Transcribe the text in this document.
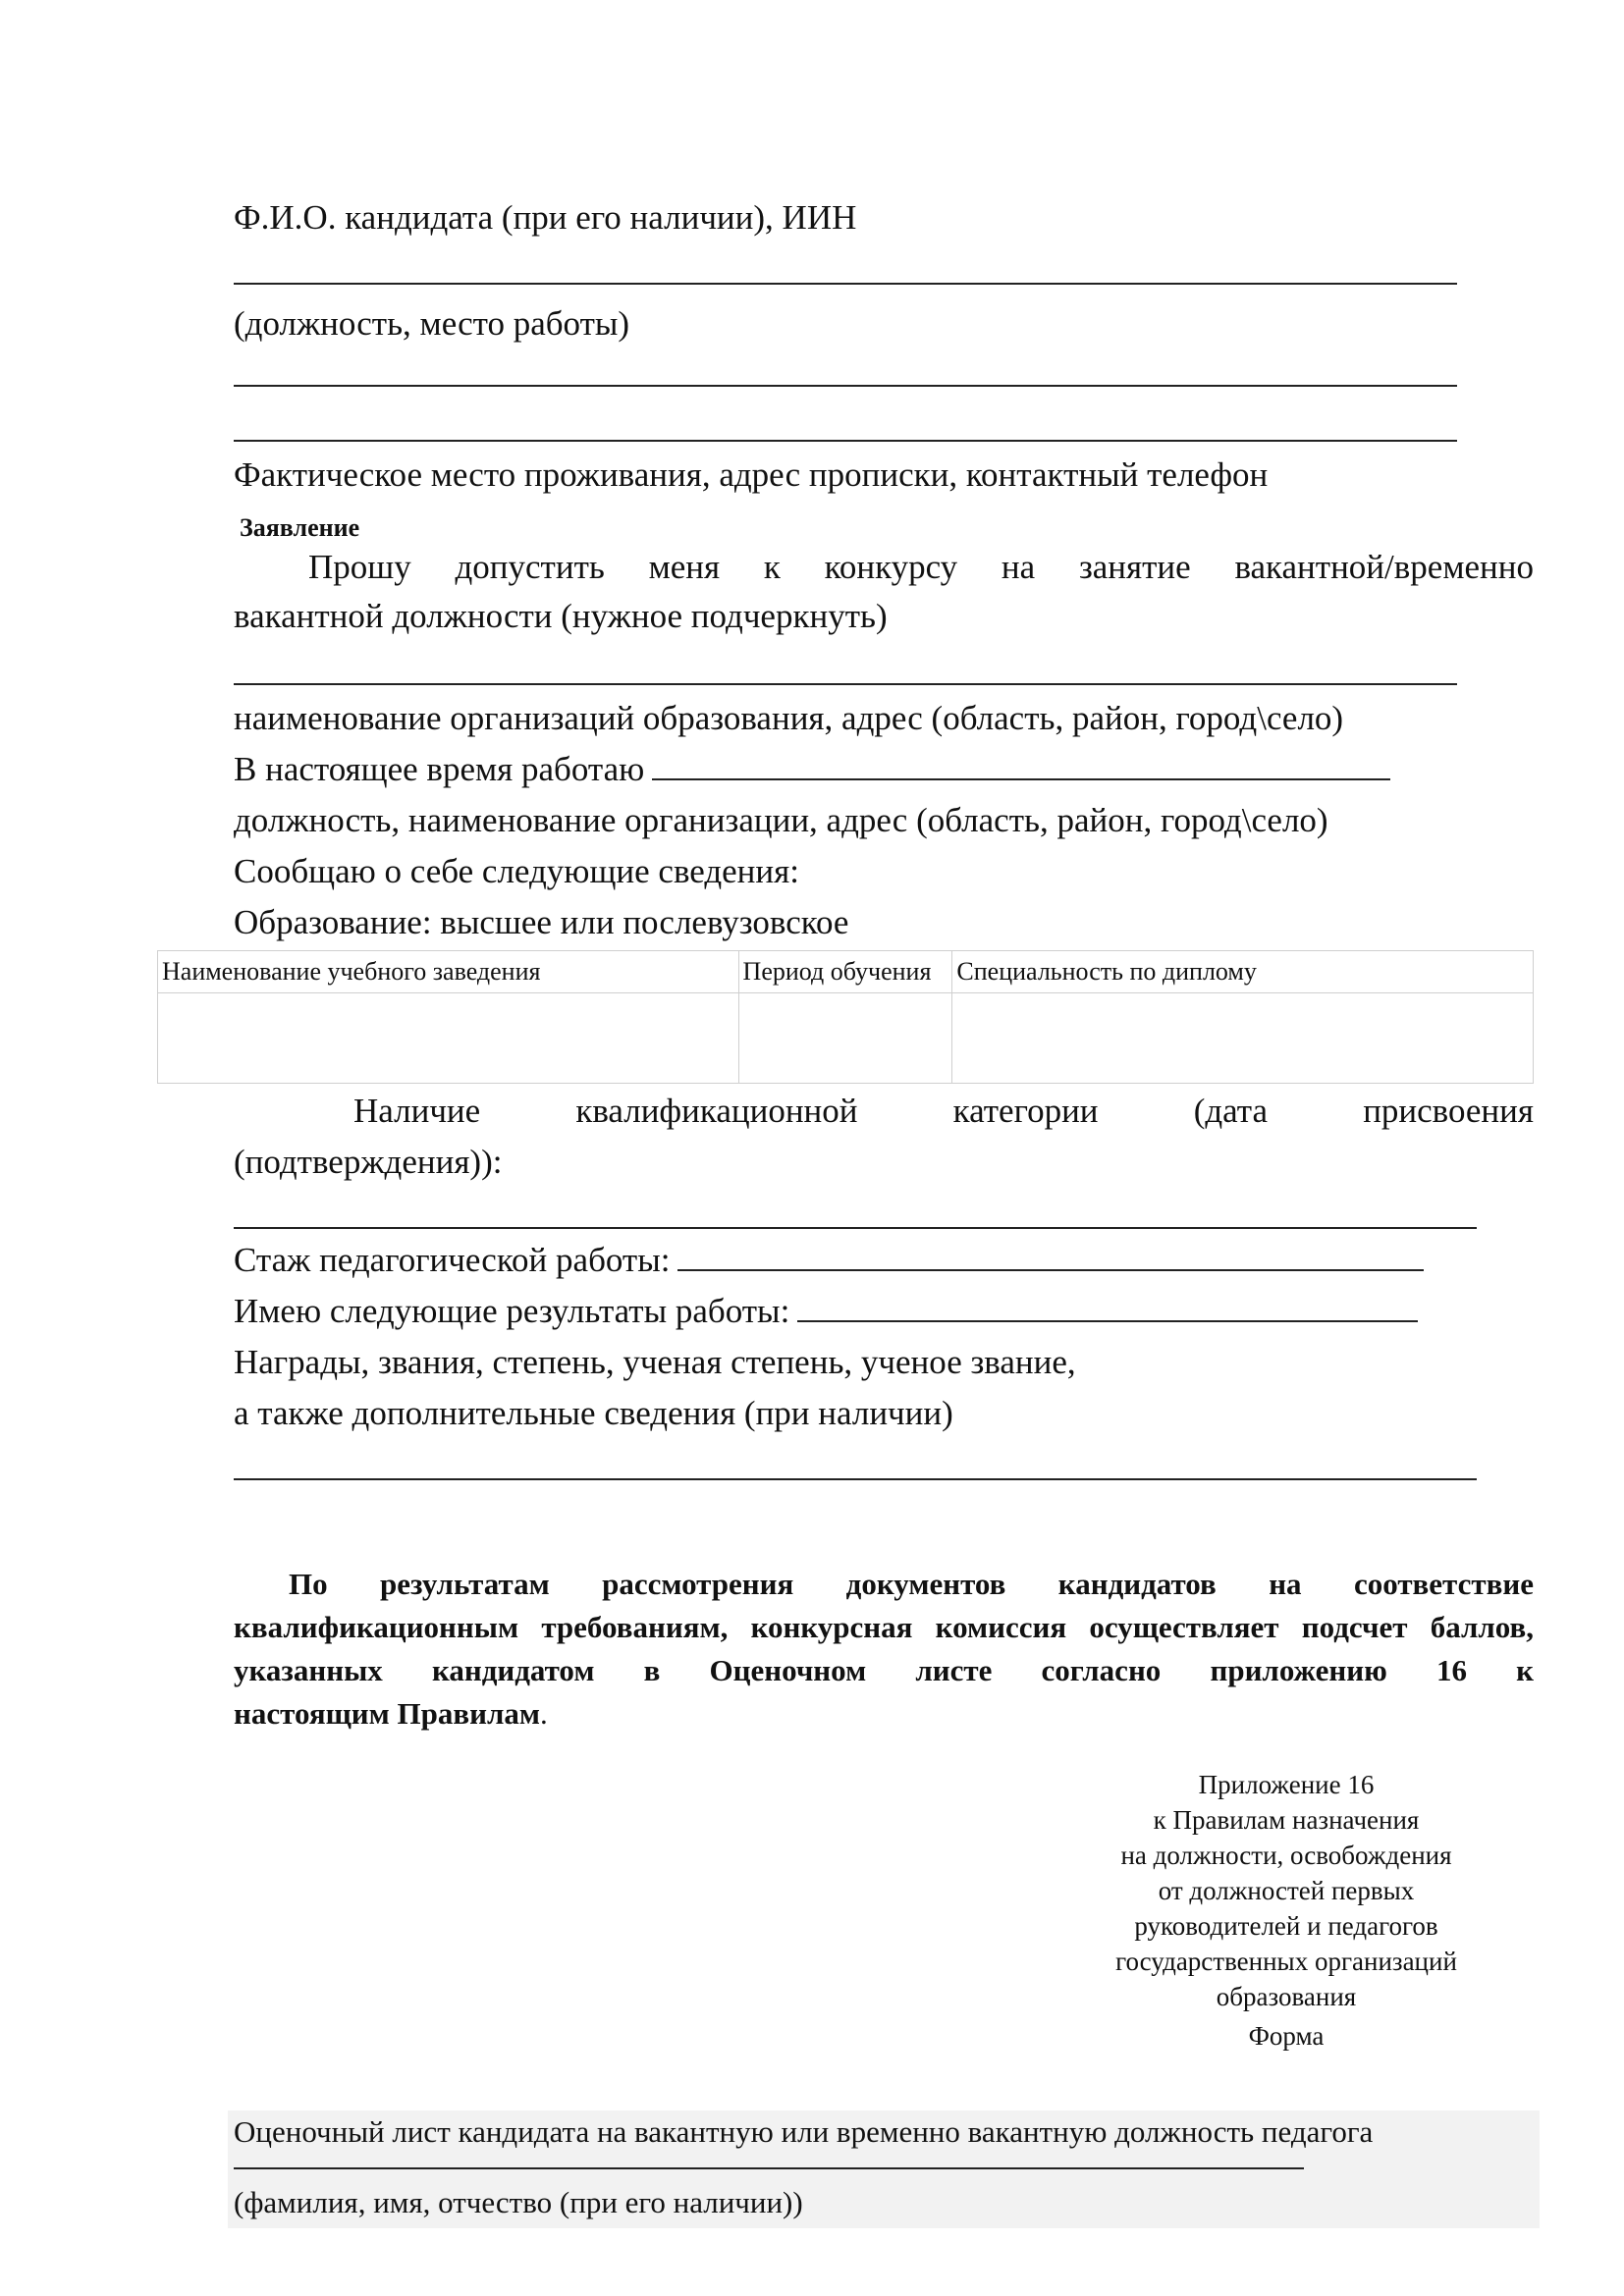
Ф.И.О. кандидата (при его наличии), ИИН
(должность, место работы)
Фактическое место проживания, адрес прописки, контактный телефон
Заявление
Прошу допустить меня к конкурсу на занятие вакантной/временно
вакантной должности (нужное подчеркнуть)
наименование организаций образования, адрес (область, район, город\село)
В настоящее время работаю
должность, наименование организации, адрес (область, район, город\село)
Сообщаю о себе следующие сведения:
Образование: высшее или послевузовское
Наименование учебного заведения	Период обучения	Специальность по диплому

Наличие	квалификационной	категории	(дата	присвоения
(подтверждения)):
Стаж педагогической работы:
Имею следующие результаты работы:
Награды, звания, степень, ученая степень, ученое звание,
а также дополнительные сведения (при наличии)
По результатам рассмотрения документов кандидатов на соответствие квалификационным требованиям, конкурсная комиссия осуществляет подсчет баллов, указанных кандидатом в Оценочном листе согласно приложению 16 к
настоящим Правилам.
Приложение 16
к Правилам назначения
на должности, освобождения
от должностей первых
руководителей и педагогов
государственных организаций
образования
Форма
Оценочный лист кандидата на вакантную или временно вакантную должность педагога
(фамилия, имя, отчество (при его наличии))
